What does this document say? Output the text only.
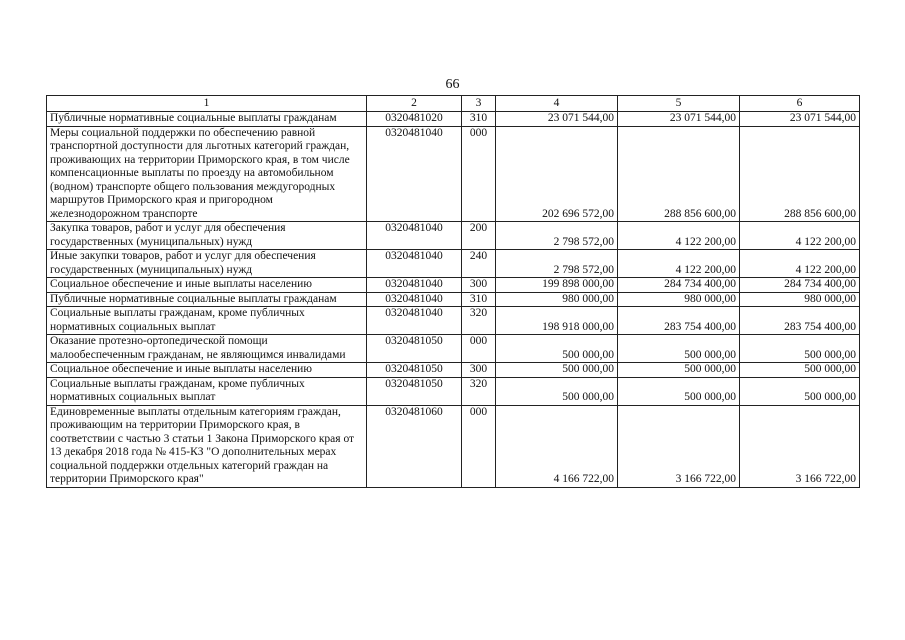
66
1	2	3	4	5	6
Публичные нормативные социальные выплаты гражданам	0320481020	310	23 071 544,00	23 071 544,00	23 071 544,00
Меры социальной поддержки по обеспечению равной транспортной доступности для льготных категорий граждан, проживающих на территории Приморского края, в том числе компенсационные выплаты по проезду на автомобильном (водном) транспорте общего пользования междугородных маршрутов Приморского края и пригородном железнодорожном транспорте	0320481040	000	202 696 572,00	288 856 600,00	288 856 600,00
Закупка товаров, работ и услуг для обеспечения государственных (муниципальных) нужд	0320481040	200	2 798 572,00	4 122 200,00	4 122 200,00
Иные закупки товаров, работ и услуг для обеспечения государственных (муниципальных) нужд	0320481040	240	2 798 572,00	4 122 200,00	4 122 200,00
Социальное обеспечение и иные выплаты населению	0320481040	300	199 898 000,00	284 734 400,00	284 734 400,00
Публичные нормативные социальные выплаты гражданам	0320481040	310	980 000,00	980 000,00	980 000,00
Социальные выплаты гражданам, кроме публичных нормативных социальных выплат	0320481040	320	198 918 000,00	283 754 400,00	283 754 400,00
Оказание протезно-ортопедической помощи малообеспеченным гражданам, не являющимся инвалидами	0320481050	000	500 000,00	500 000,00	500 000,00
Социальное обеспечение и иные выплаты населению	0320481050	300	500 000,00	500 000,00	500 000,00
Социальные выплаты гражданам, кроме публичных нормативных социальных выплат	0320481050	320	500 000,00	500 000,00	500 000,00
Единовременные выплаты отдельным категориям граждан, проживающим на территории Приморского края, в соответствии с частью 3 статьи 1 Закона Приморского края от 13 декабря 2018 года № 415-КЗ "О дополнительных мерах социальной поддержки отдельных категорий граждан на территории Приморского края"	0320481060	000	4 166 722,00	3 166 722,00	3 166 722,00
